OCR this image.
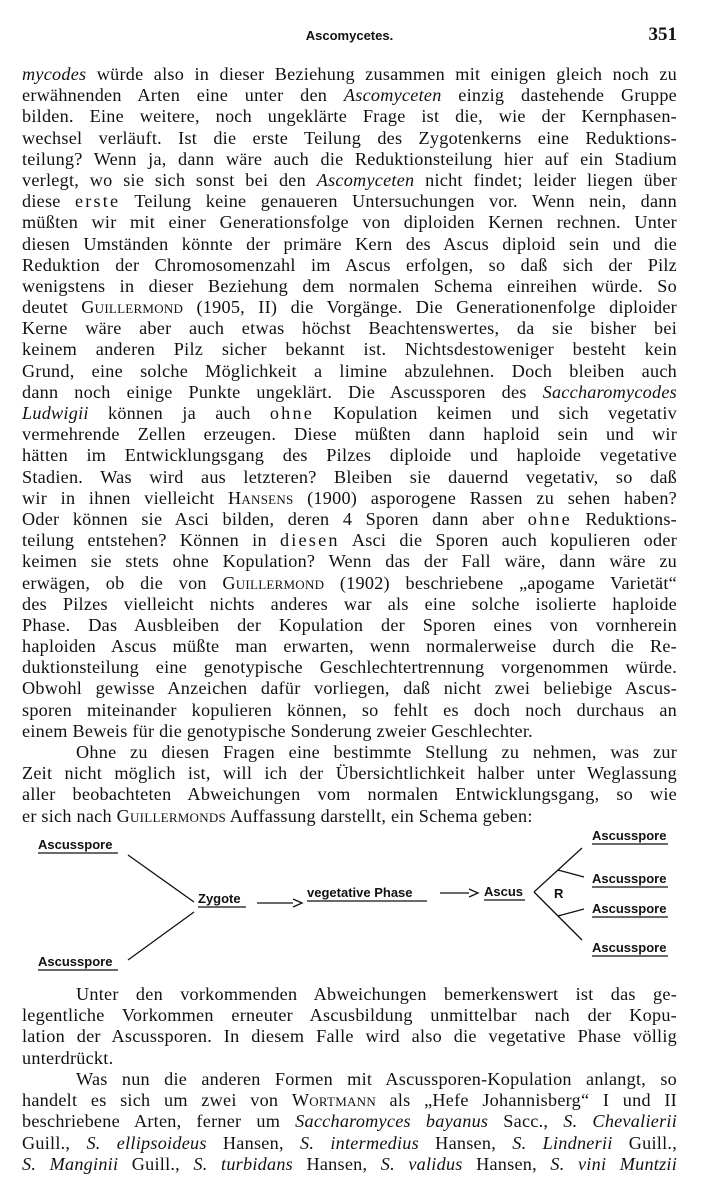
Ascomycetes.	351
mycodes würde also in dieser Beziehung zusammen mit einigen gleich noch zu
erwähnenden Arten eine unter den Ascomyceten einzig dastehende Gruppe
bilden. Eine weitere, noch ungeklärte Frage ist die, wie der Kernphasen-
wechsel verläuft. Ist die erste Teilung des Zygotenkerns eine Reduktions-
teilung? Wenn ja, dann wäre auch die Reduktionsteilung hier auf ein Stadium
verlegt, wo sie sich sonst bei den Ascomyceten nicht findet; leider liegen über
diese erste Teilung keine genaueren Untersuchungen vor. Wenn nein, dann
müßten wir mit einer Generationsfolge von diploiden Kernen rechnen. Unter
diesen Umständen könnte der primäre Kern des Ascus diploid sein und die
Reduktion der Chromosomenzahl im Ascus erfolgen, so daß sich der Pilz
wenigstens in dieser Beziehung dem normalen Schema einreihen würde. So
deutet Guillermond (1905, II) die Vorgänge. Die Generationenfolge diploider
Kerne wäre aber auch etwas höchst Beachtenswertes, da sie bisher bei
keinem anderen Pilz sicher bekannt ist. Nichtsdestoweniger besteht kein
Grund, eine solche Möglichkeit a limine abzulehnen. Doch bleiben auch
dann noch einige Punkte ungeklärt. Die Ascussporen des Saccharomycodes
Ludwigii können ja auch ohne Kopulation keimen und sich vegetativ
vermehrende Zellen erzeugen. Diese müßten dann haploid sein und wir
hätten im Entwicklungsgang des Pilzes diploide und haploide vegetative
Stadien. Was wird aus letzteren? Bleiben sie dauernd vegetativ, so daß
wir in ihnen vielleicht Hansens (1900) asporogene Rassen zu sehen haben?
Oder können sie Asci bilden, deren 4 Sporen dann aber ohne Reduktions-
teilung entstehen? Können in diesen Asci die Sporen auch kopulieren oder
keimen sie stets ohne Kopulation? Wenn das der Fall wäre, dann wäre zu
erwägen, ob die von Guillermond (1902) beschriebene „apogame Varietät“
des Pilzes vielleicht nichts anderes war als eine solche isolierte haploide
Phase. Das Ausbleiben der Kopulation der Sporen eines von vornherein
haploiden Ascus müßte man erwarten, wenn normalerweise durch die Re-
duktionsteilung eine genotypische Geschlechtertrennung vorgenommen würde.
Obwohl gewisse Anzeichen dafür vorliegen, daß nicht zwei beliebige Ascus-
sporen miteinander kopulieren können, so fehlt es doch noch durchaus an
einem Beweis für die genotypische Sonderung zweier Geschlechter.
Ohne zu diesen Fragen eine bestimmte Stellung zu nehmen, was zur
Zeit nicht möglich ist, will ich der Übersichtlichkeit halber unter Weglassung
aller beobachteten Abweichungen vom normalen Entwicklungsgang, so wie
er sich nach Guillermonds Auffassung darstellt, ein Schema geben:
Ascusspore
Ascusspore
Zygote	vegetative Phase	Ascus R
Ascusspore
Ascusspore
Ascusspore
Ascusspore
Unter den vorkommenden Abweichungen bemerkenswert ist das ge-
legentliche Vorkommen erneuter Ascusbildung unmittelbar nach der Kopu-
lation der Ascussporen. In diesem Falle wird also die vegetative Phase völlig
unterdrückt.
Was nun die anderen Formen mit Ascussporen-Kopulation anlangt, so
handelt es sich um zwei von Wortmann als „Hefe Johannisberg“ I und II
beschriebene Arten, ferner um Saccharomyces bayanus Sacc., S. Chevalierii
Guill., S. ellipsoideus Hansen, S. intermedius Hansen, S. Lindnerii Guill.,
S. Manginii Guill., S. turbidans Hansen, S. validus Hansen, S. vini Muntzii
